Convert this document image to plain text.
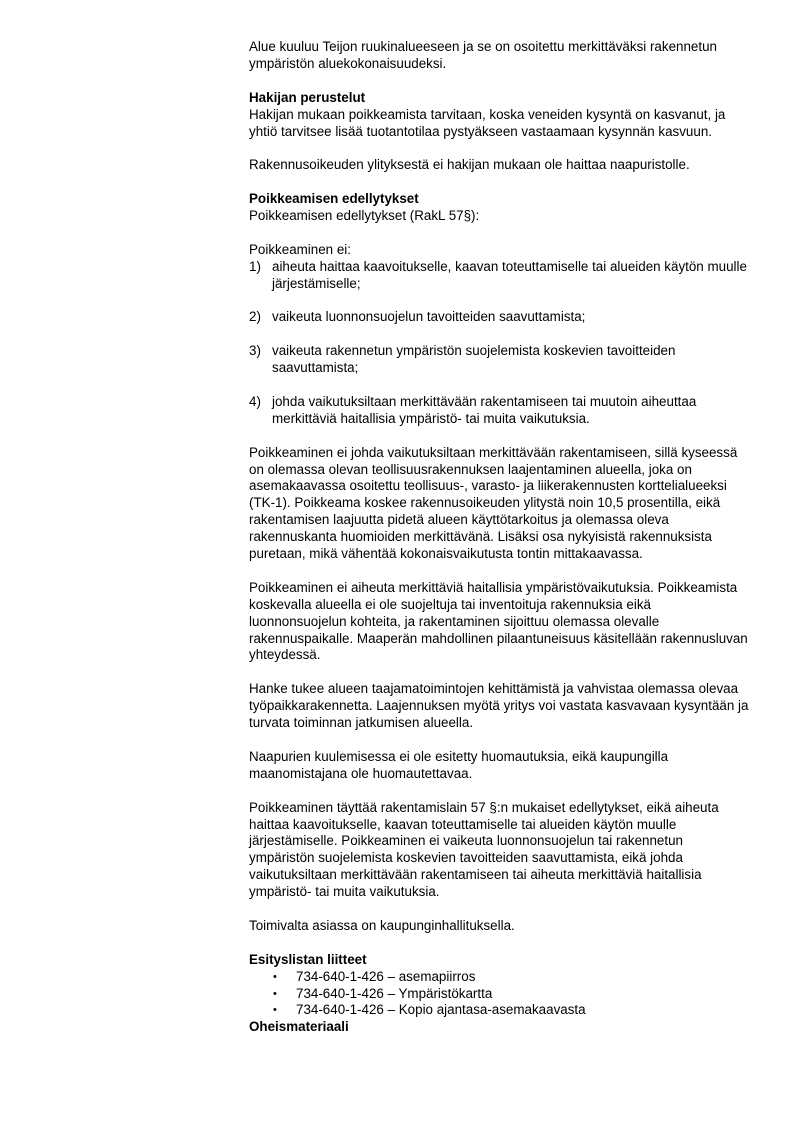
Alue kuuluu Teijon ruukinalueeseen ja se on osoitettu merkittäväksi rakennetun ympäristön aluekokonaisuudeksi.

Hakijan perustelut

Hakijan mukaan poikkeamista tarvitaan, koska veneiden kysyntä on kasvanut, ja yhtiö tarvitsee lisää tuotantotilaa pystyäkseen vastaamaan kysynnän kasvuun.

Rakennusoikeuden ylityksestä ei hakijan mukaan ole haittaa naapuristolle.

Poikkeamisen edellytykset

Poikkeamisen edellytykset (RakL 57§):

Poikkeaminen ei:
1) aiheuta haittaa kaavoitukselle, kaavan toteuttamiselle tai alueiden käytön muulle järjestämiselle;
2) vaikeuta luonnonsuojelun tavoitteiden saavuttamista;
3) vaikeuta rakennetun ympäristön suojelemista koskevien tavoitteiden saavuttamista;
4) johda vaikutuksiltaan merkittävään rakentamiseen tai muutoin aiheuttaa merkittäviä haitallisia ympäristö- tai muita vaikutuksia.

Poikkeaminen ei johda vaikutuksiltaan merkittävään rakentamiseen, sillä kyseessä on olemassa olevan teollisuusrakennuksen laajentaminen alueella, joka on asemakaavassa osoitettu teollisuus-, varasto- ja liikerakennusten korttelialueeksi (TK-1). Poikkeama koskee rakennusoikeuden ylitystä noin 10,5 prosentilla, eikä rakentamisen laajuutta pidetä alueen käyttötarkoitus ja olemassa oleva rakennuskanta huomioiden merkittävänä. Lisäksi osa nykyisistä rakennuksista puretaan, mikä vähentää kokonaisvaikutusta tontin mittakaavassa.

Poikkeaminen ei aiheuta merkittäviä haitallisia ympäristövaikutuksia. Poikkeamista koskevalla alueella ei ole suojeltuja tai inventoituja rakennuksia eikä luonnonsuojelun kohteita, ja rakentaminen sijoittuu olemassa olevalle rakennuspaikalle. Maaperän mahdollinen pilaantuneisuus käsitellään rakennusluvan yhteydessä.

Hanke tukee alueen taajamatoimintojen kehittämistä ja vahvistaa olemassa olevaa työpaikkarakennetta. Laajennuksen myötä yritys voi vastata kasvavaan kysyntään ja turvata toiminnan jatkumisen alueella.

Naapurien kuulemisessa ei ole esitetty huomautuksia, eikä kaupungilla maanomistajana ole huomautettavaa.

Poikkeaminen täyttää rakentamislain 57 §:n mukaiset edellytykset, eikä aiheuta haittaa kaavoitukselle, kaavan toteuttamiselle tai alueiden käytön muulle järjestämiselle. Poikkeaminen ei vaikeuta luonnonsuojelun tai rakennetun ympäristön suojelemista koskevien tavoitteiden saavuttamista, eikä johda vaikutuksiltaan merkittävään rakentamiseen tai aiheuta merkittäviä haitallisia ympäristö- tai muita vaikutuksia.

Toimivalta asiassa on kaupunginhallituksella.

Esityslistan liitteet
•	734-640-1-426 – asemapiirros
•	734-640-1-426 – Ympäristökartta
•	734-640-1-426 – Kopio ajantasa-asemakaavasta
Oheismateriaali
